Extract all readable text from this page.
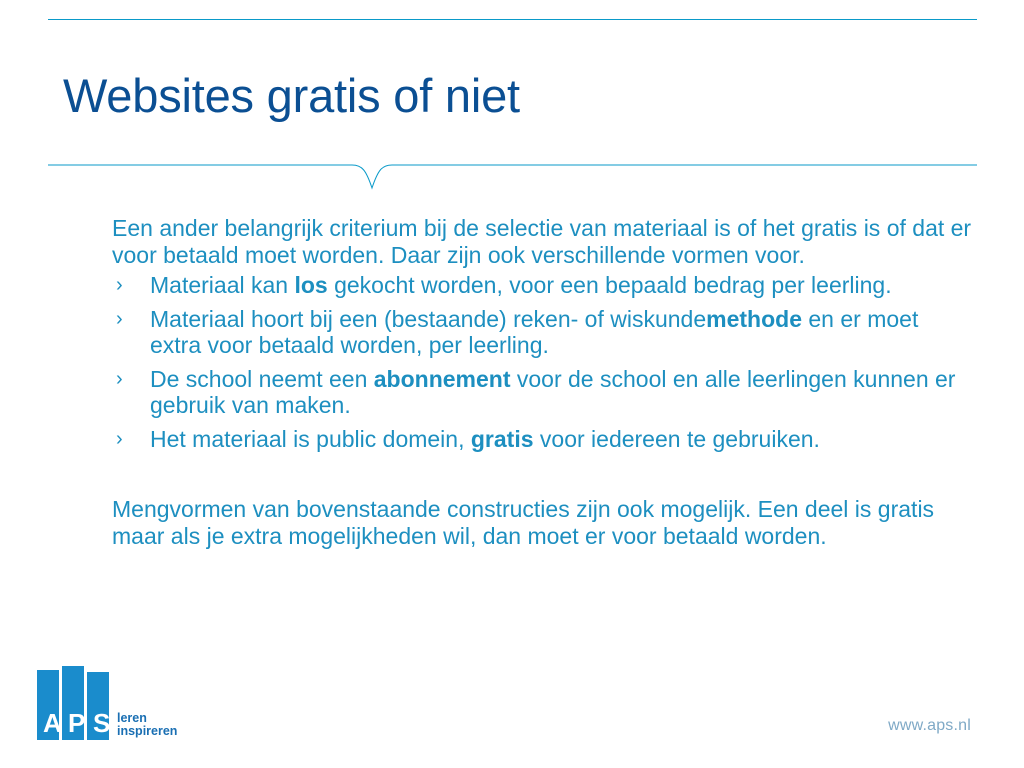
Websites gratis of niet

Een ander belangrijk criterium bij de selectie van materiaal is of het gratis is of dat er voor betaald moet worden. Daar zijn ook verschillende vormen voor.

› Materiaal kan los gekocht worden, voor een bepaald bedrag per leerling.
› Materiaal hoort bij een (bestaande) reken- of wiskundemethode en er moet extra voor betaald worden, per leerling.
› De school neemt een abonnement voor de school en alle leerlingen kunnen er gebruik van maken.
› Het materiaal is public domein, gratis voor iedereen te gebruiken.

Mengvormen van bovenstaande constructies zijn ook mogelijk. Een deel is gratis maar als je extra mogelijkheden wil, dan moet er voor betaald worden.

A P S leren
inspireren	www.aps.nl
